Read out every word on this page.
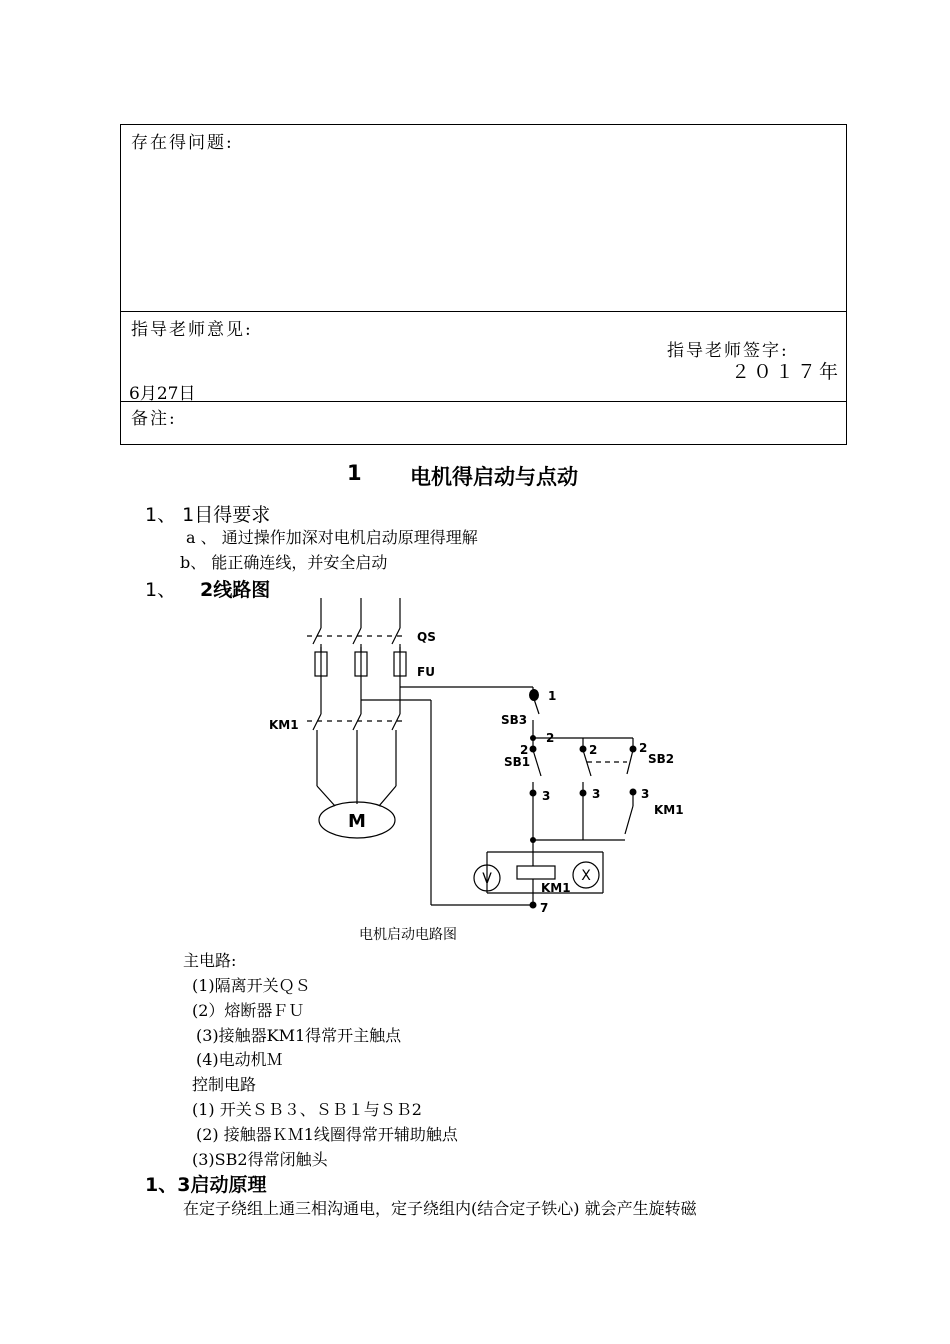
存在得问题:
指导老师意见:
指导老师签字:
２０１７年
6月27日
备注:
1 电机得启动与点动
1、 1目得要求
a 、 通过操作加深对电机启动原理得理解
b、 能正确连线，并安全启动
1、 2线路图
QS
FU
KM1	SB3
SB1	SB2
KM1
KM1
1
2
2	2	2
3	3	3
7
M
V	X
电机启动电路图
主电路:
(1)隔离开关ＱＳ
(2）熔断器ＦＵ
(3)接触器KM1得常开主触点
(4)电动机Ｍ
控制电路
(1) 开关ＳＢ３、ＳＢ１与ＳＢ2
(2) 接触器ＫＭ1线圈得常开辅助触点
(3)SB2得常闭触头
1、3启动原理
在定子绕组上通三相沟通电，定子绕组内(结合定子铁心) 就会产生旋转磁
